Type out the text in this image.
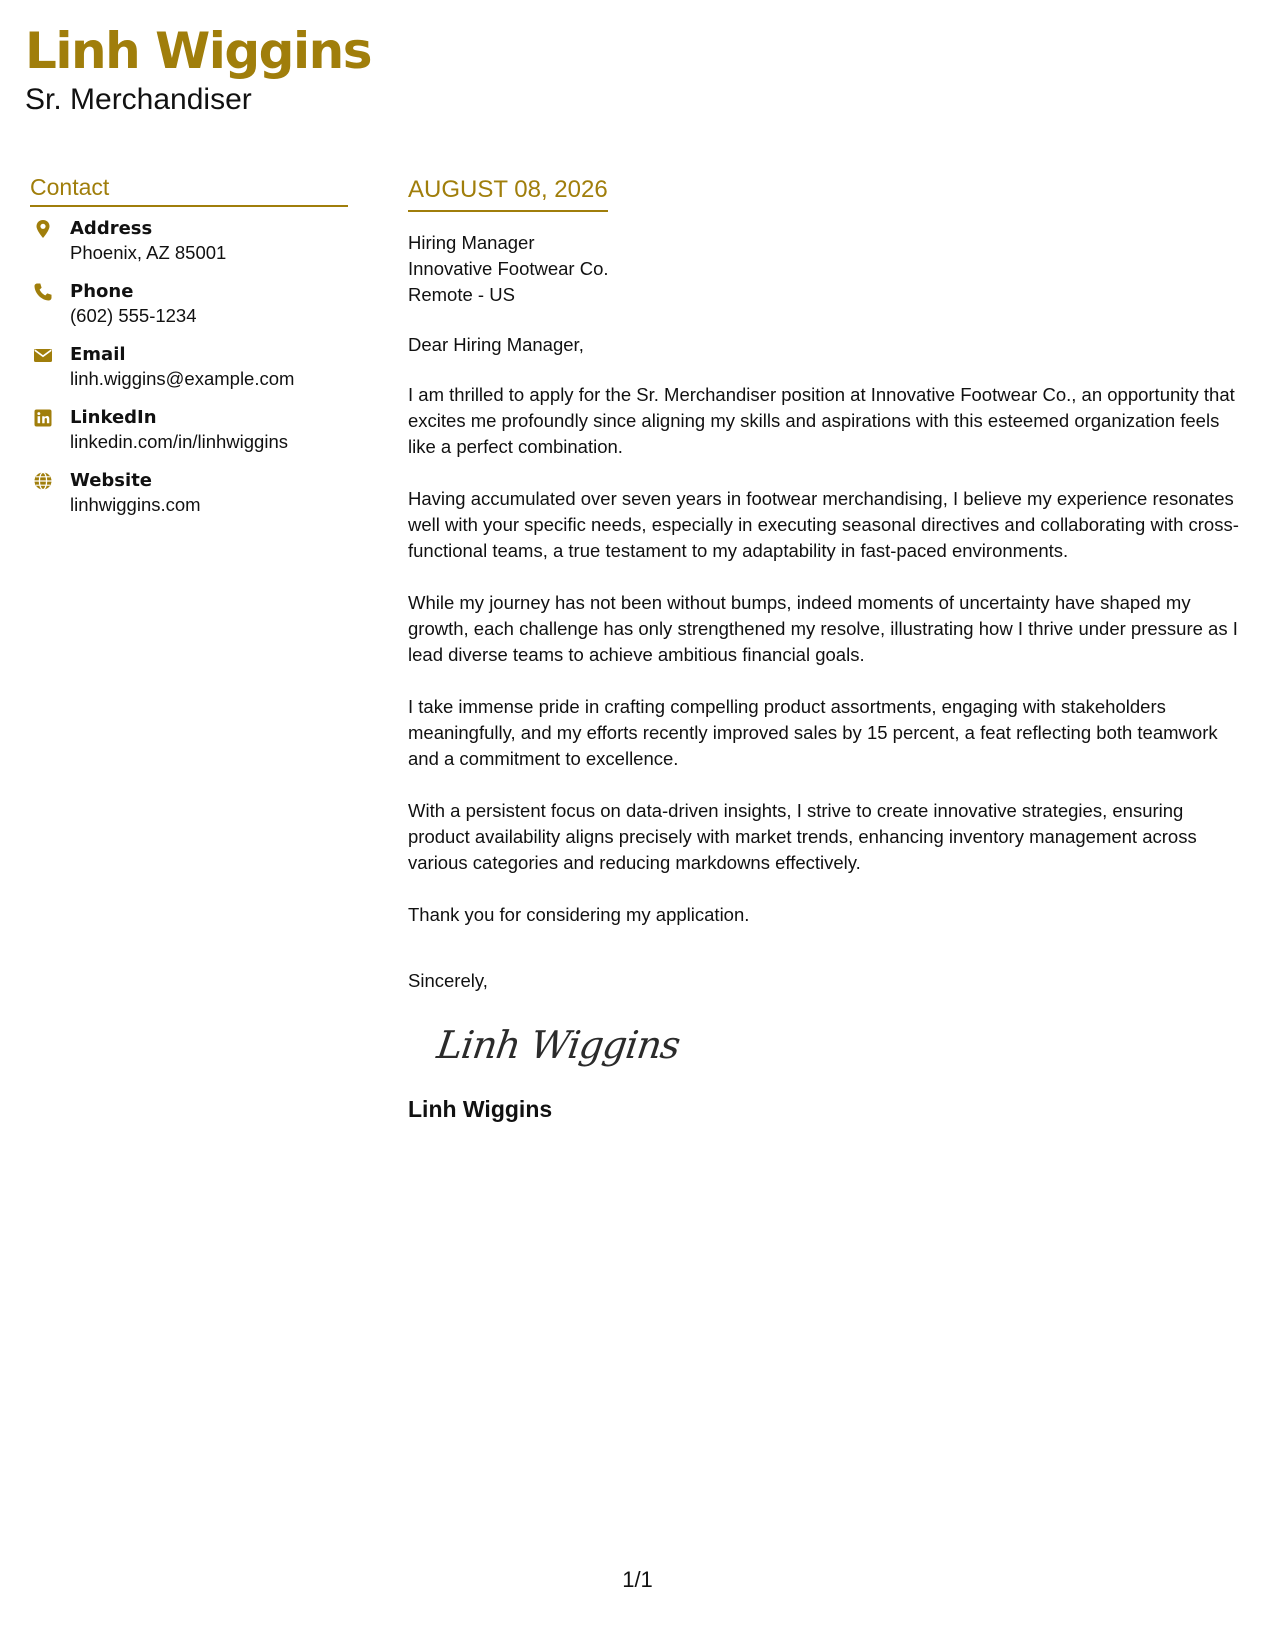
Linh Wiggins
Sr. Merchandiser
Contact
Address
Phoenix, AZ 85001
Phone
(602) 555-1234
Email
linh.wiggins@example.com
LinkedIn
linkedin.com/in/linhwiggins
Website
linhwiggins.com
AUGUST 08, 2026
Hiring Manager
Innovative Footwear Co.
Remote - US

Dear Hiring Manager,

I am thrilled to apply for the Sr. Merchandiser position at Innovative Footwear Co., an opportunity that excites me profoundly since aligning my skills and aspirations with this esteemed organization feels like a perfect combination.

Having accumulated over seven years in footwear merchandising, I believe my experience resonates well with your specific needs, especially in executing seasonal directives and collaborating with cross-functional teams, a true testament to my adaptability in fast-paced environments.

While my journey has not been without bumps, indeed moments of uncertainty have shaped my growth, each challenge has only strengthened my resolve, illustrating how I thrive under pressure as I lead diverse teams to achieve ambitious financial goals.

I take immense pride in crafting compelling product assortments, engaging with stakeholders meaningfully, and my efforts recently improved sales by 15 percent, a feat reflecting both teamwork and a commitment to excellence.

With a persistent focus on data-driven insights, I strive to create innovative strategies, ensuring product availability aligns precisely with market trends, enhancing inventory management across various categories and reducing markdowns effectively.

Thank you for considering my application.

Sincerely,

Linh Wiggins

Linh Wiggins

1/1
